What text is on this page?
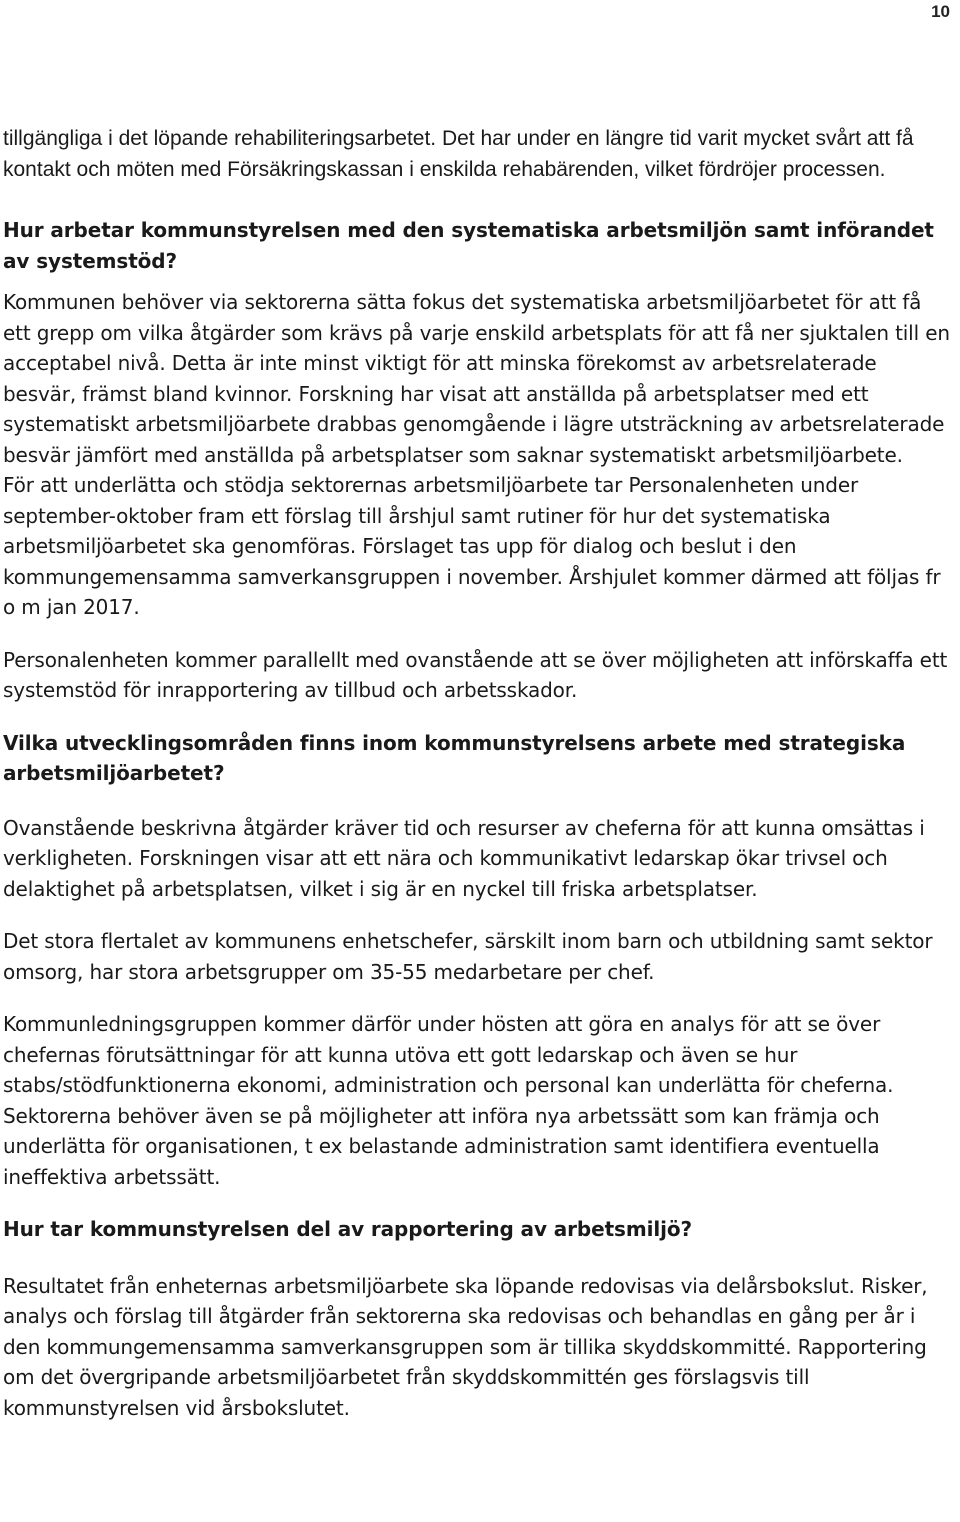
10

tillgängliga i det löpande rehabiliteringsarbetet. Det har under en längre tid varit mycket svårt att få kontakt och möten med Försäkringskassan i enskilda rehabärenden, vilket fördröjer processen.

Hur arbetar kommunstyrelsen med den systematiska arbetsmiljön samt införandet av systemstöd?

Kommunen behöver via sektorerna sätta fokus det systematiska arbetsmiljöarbetet för att få ett grepp om vilka åtgärder som krävs på varje enskild arbetsplats för att få ner sjuktalen till en acceptabel nivå. Detta är inte minst viktigt för att minska förekomst av arbetsrelaterade besvär, främst bland kvinnor. Forskning har visat att anställda på arbetsplatser med ett systematiskt arbetsmiljöarbete drabbas genomgående i lägre utsträckning av arbetsrelaterade besvär jämfört med anställda på arbetsplatser som saknar systematiskt arbetsmiljöarbete.

För att underlätta och stödja sektorernas arbetsmiljöarbete tar Personalenheten under september-oktober fram ett förslag till årshjul samt rutiner för hur det systematiska arbetsmiljöarbetet ska genomföras. Förslaget tas upp för dialog och beslut i den kommungemensamma samverkansgruppen i november. Årshjulet kommer därmed att följas fr o m jan 2017.

Personalenheten kommer parallellt med ovanstående att se över möjligheten att införskaffa ett systemstöd för inrapportering av tillbud och arbetsskador.

Vilka utvecklingsområden finns inom kommunstyrelsens arbete med strategiska arbetsmiljöarbetet?

Ovanstående beskrivna åtgärder kräver tid och resurser av cheferna för att kunna omsättas i verkligheten. Forskningen visar att ett nära och kommunikativt ledarskap ökar trivsel och delaktighet på arbetsplatsen, vilket i sig är en nyckel till friska arbetsplatser.

Det stora flertalet av kommunens enhetschefer, särskilt inom barn och utbildning samt sektor omsorg, har stora arbetsgrupper om 35-55 medarbetare per chef.

Kommunledningsgruppen kommer därför under hösten att göra en analys för att se över chefernas förutsättningar för att kunna utöva ett gott ledarskap och även se hur stabs/stödfunktionerna ekonomi, administration och personal kan underlätta för cheferna. Sektorerna behöver även se på möjligheter att införa nya arbetssätt som kan främja och underlätta för organisationen, t ex belastande administration samt identifiera eventuella ineffektiva arbetssätt.

Hur tar kommunstyrelsen del av rapportering av arbetsmiljö?

Resultatet från enheternas arbetsmiljöarbete ska löpande redovisas via delårsbokslut. Risker, analys och förslag till åtgärder från sektorerna ska redovisas och behandlas en gång per år i den kommungemensamma samverkansgruppen som är tillika skyddskommitté. Rapportering om det övergripande arbetsmiljöarbetet från skyddskommittén ges förslagsvis till kommunstyrelsen vid årsbokslutet.
